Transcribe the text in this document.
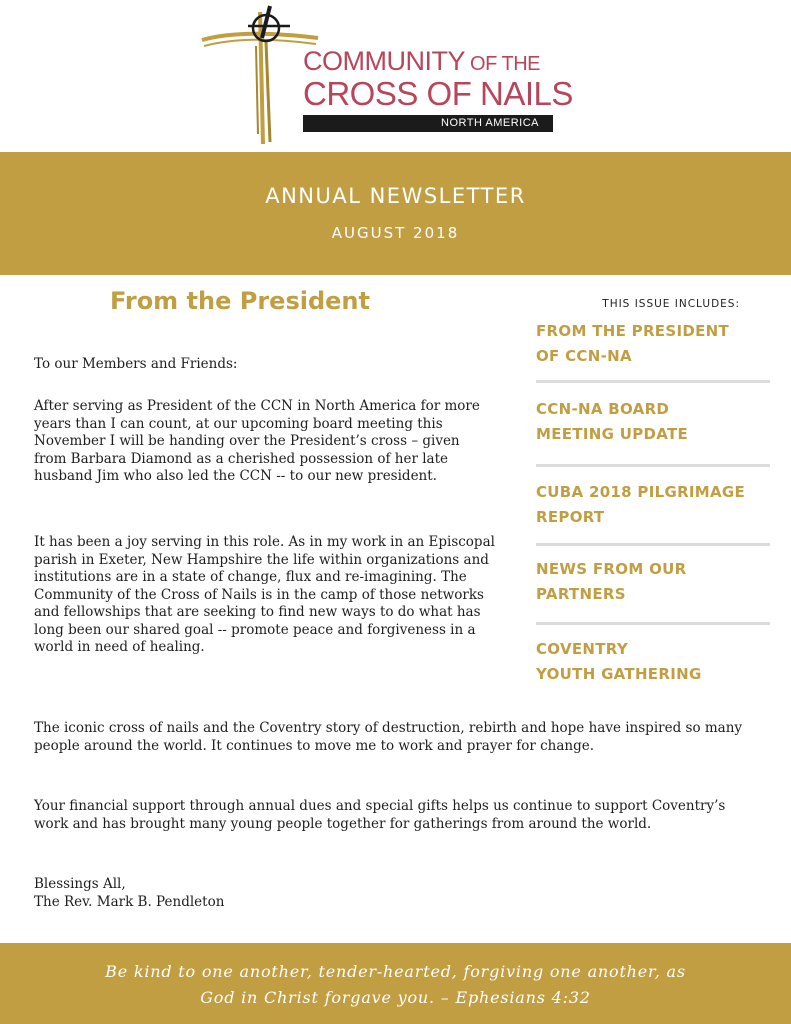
COMMUNITY OF THE
CROSS OF NAILS
NORTH AMERICA
ANNUAL NEWSLETTER
AUGUST 2018
From the President

To our Members and Friends:

After serving as President of the CCN in North America for more years than I can count, at our upcoming board meeting this November I will be handing over the President’s cross – given from Barbara Diamond as a cherished possession of her late husband Jim who also led the CCN -- to our new president.

It has been a joy serving in this role. As in my work in an Episcopal parish in Exeter, New Hampshire the life within organizations and institutions are in a state of change, flux and re-imagining. The Community of the Cross of Nails is in the camp of those networks and fellowships that are seeking to find new ways to do what has long been our shared goal -- promote peace and forgiveness in a world in need of healing.

The iconic cross of nails and the Coventry story of destruction, rebirth and hope have inspired so many people around the world. It continues to move me to work and prayer for change.

Your financial support through annual dues and special gifts helps us continue to support Coventry’s work and has brought many young people together for gatherings from around the world.

Blessings All,

The Rev. Mark B. Pendleton

THIS ISSUE INCLUDES:
FROM THE PRESIDENT
OF CCN-NA
CCN-NA BOARD
MEETING UPDATE
CUBA 2018 PILGRIMAGE
REPORT
NEWS FROM OUR
PARTNERS
COVENTRY
YOUTH GATHERING
Be kind to one another, tender-hearted, forgiving one another, as
God in Christ forgave you. – Ephesians 4:32
